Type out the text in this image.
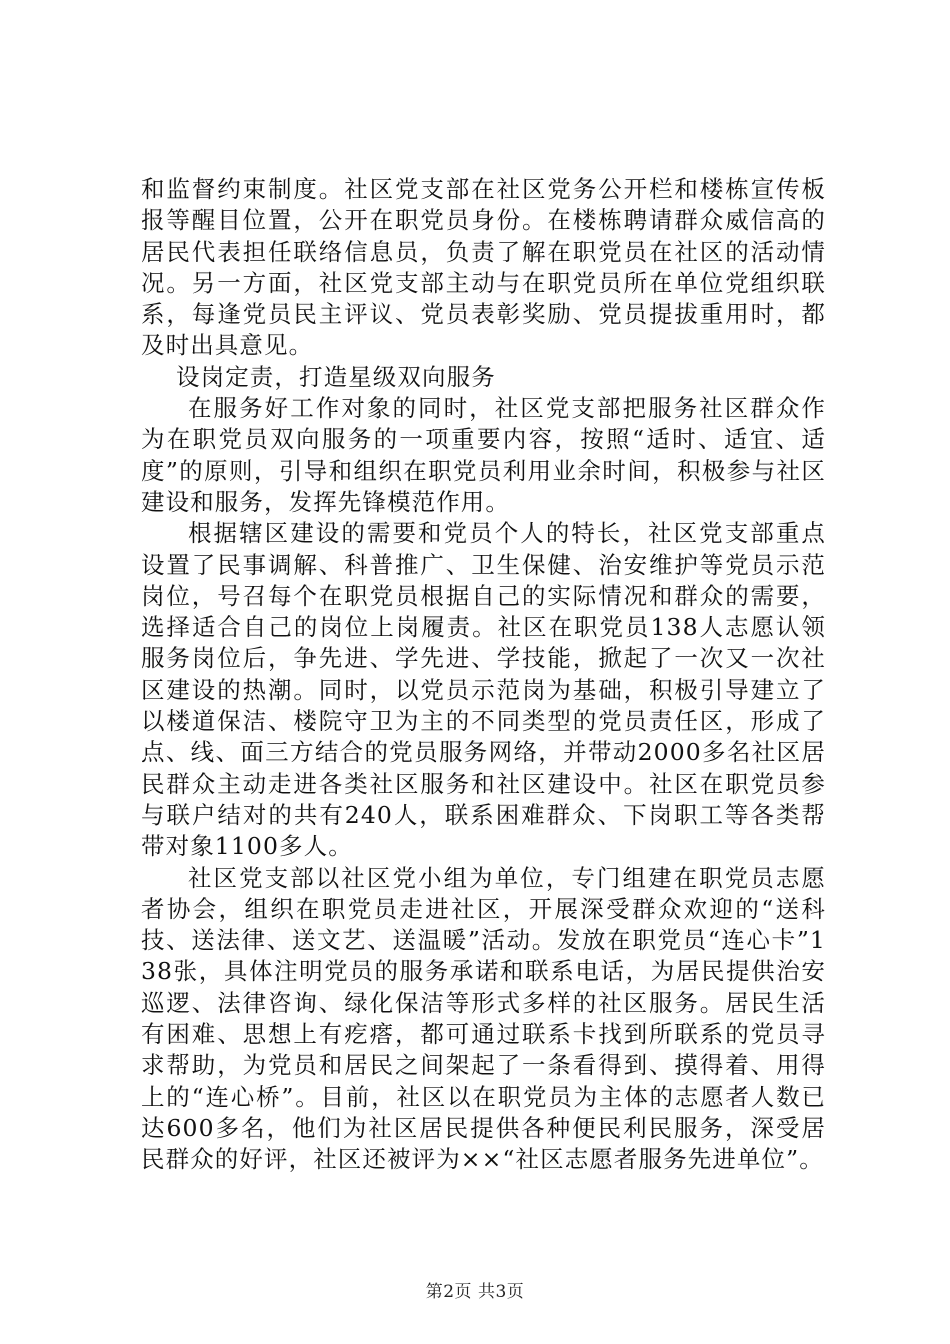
和监督约束制度。社区党支部在社区党务公开栏和楼栋宣传板报等醒目位置，公开在职党员身份。在楼栋聘请群众威信高的居民代表担任联络信息员，负责了解在职党员在社区的活动情况。另一方面，社区党支部主动与在职党员所在单位党组织联系，每逢党员民主评议、党员表彰奖励、党员提拔重用时，都及时出具意见。

设岗定责，打造星级双向服务

在服务好工作对象的同时，社区党支部把服务社区群众作为在职党员双向服务的一项重要内容，按照“适时、适宜、适度”的原则，引导和组织在职党员利用业余时间，积极参与社区建设和服务，发挥先锋模范作用。

根据辖区建设的需要和党员个人的特长，社区党支部重点设置了民事调解、科普推广、卫生保健、治安维护等党员示范岗位，号召每个在职党员根据自己的实际情况和群众的需要，选择适合自己的岗位上岗履责。社区在职党员138人志愿认领服务岗位后，争先进、学先进、学技能，掀起了一次又一次社区建设的热潮。同时，以党员示范岗为基础，积极引导建立了以楼道保洁、楼院守卫为主的不同类型的党员责任区，形成了点、线、面三方结合的党员服务网络，并带动2000多名社区居民群众主动走进各类社区服务和社区建设中。社区在职党员参与联户结对的共有240人，联系困难群众、下岗职工等各类帮带对象1100多人。

社区党支部以社区党小组为单位，专门组建在职党员志愿者协会，组织在职党员走进社区，开展深受群众欢迎的“送科技、送法律、送文艺、送温暖”活动。发放在职党员“连心卡”138张，具体注明党员的服务承诺和联系电话，为居民提供治安巡逻、法律咨询、绿化保洁等形式多样的社区服务。居民生活有困难、思想上有疙瘩，都可通过联系卡找到所联系的党员寻求帮助，为党员和居民之间架起了一条看得到、摸得着、用得上的“连心桥”。目前，社区以在职党员为主体的志愿者人数已达600多名，他们为社区居民提供各种便民利民服务，深受居民群众的好评，社区还被评为××“社区志愿者服务先进单位”。

第2页 共3页
